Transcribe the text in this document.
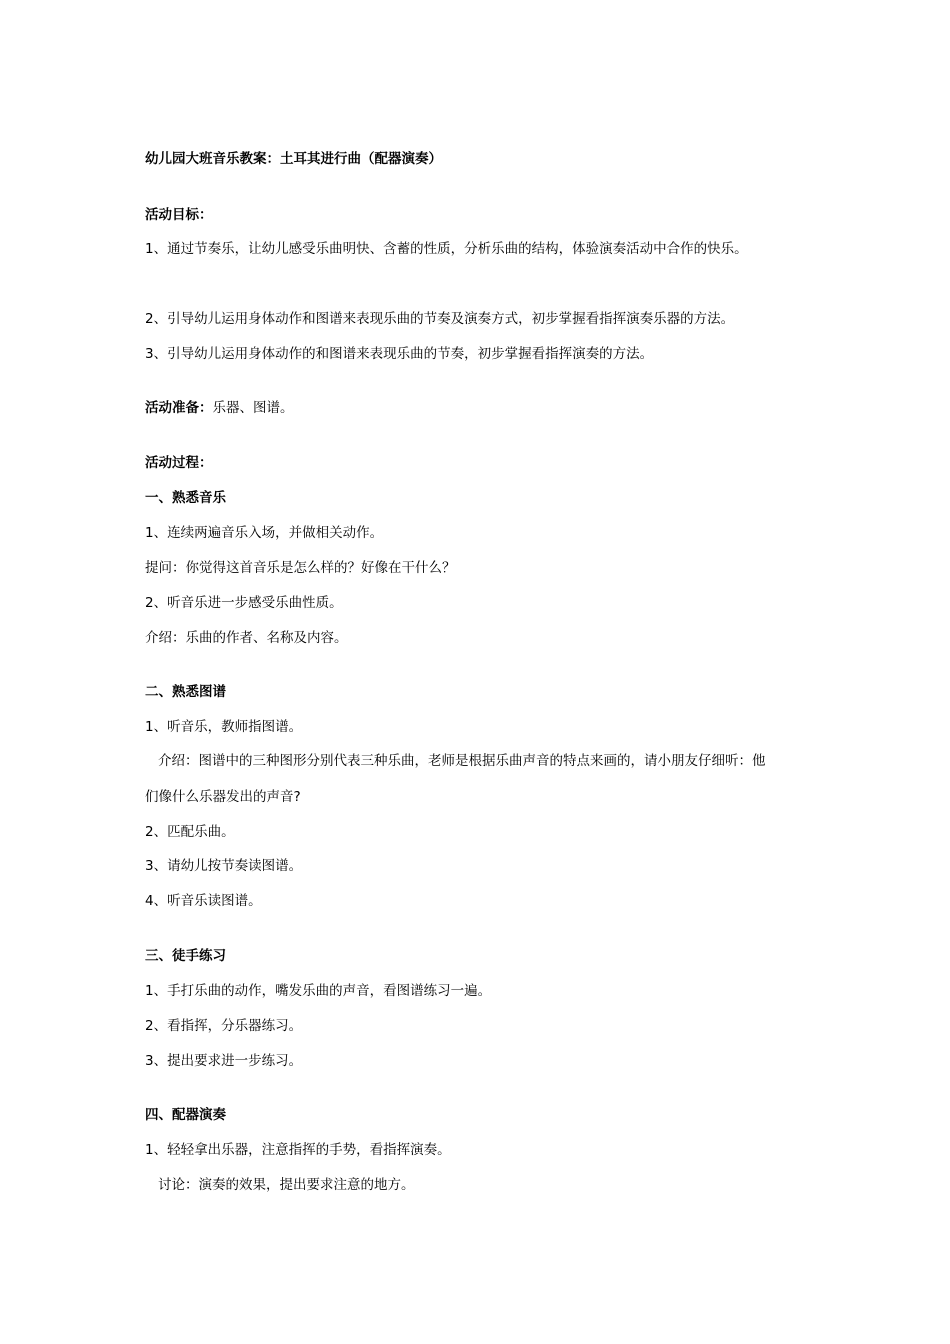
幼儿园大班音乐教案：土耳其进行曲（配器演奏）
活动目标：
1、通过节奏乐，让幼儿感受乐曲明快、含蓄的性质，分析乐曲的结构，体验演奏活动中合作的快乐。
2、引导幼儿运用身体动作和图谱来表现乐曲的节奏及演奏方式，初步掌握看指挥演奏乐器的方法。
3、引导幼儿运用身体动作的和图谱来表现乐曲的节奏，初步掌握看指挥演奏的方法。
活动准备：乐器、图谱。
活动过程：
一、熟悉音乐
1、连续两遍音乐入场，并做相关动作。
提问：你觉得这首音乐是怎么样的？好像在干什么？
2、听音乐进一步感受乐曲性质。
介绍：乐曲的作者、名称及内容。
二、熟悉图谱
1、听音乐，教师指图谱。
介绍：图谱中的三种图形分别代表三种乐曲，老师是根据乐曲声音的特点来画的，请小朋友仔细听：他
们像什么乐器发出的声音?
2、匹配乐曲。
3、请幼儿按节奏读图谱。
4、听音乐读图谱。
三、徒手练习
1、手打乐曲的动作，嘴发乐曲的声音，看图谱练习一遍。
2、看指挥，分乐器练习。
3、提出要求进一步练习。
四、配器演奏
1、轻轻拿出乐器，注意指挥的手势，看指挥演奏。
讨论：演奏的效果，提出要求注意的地方。
